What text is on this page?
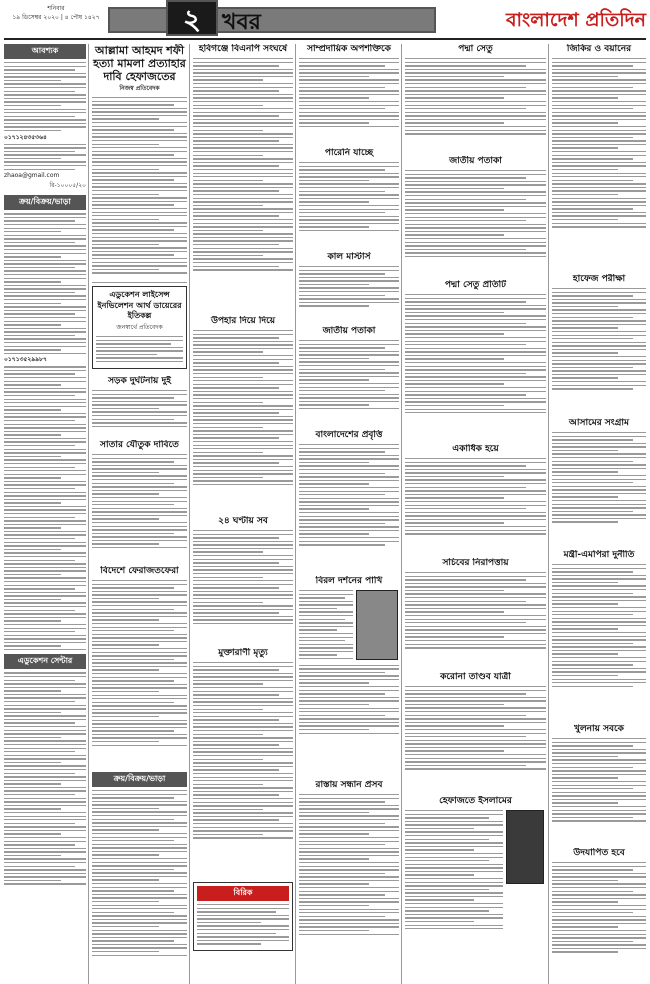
শনিবার
১৯ ডিসেম্বর ২০২০ | ৪ পৌষ ১৪২৭	২ খবর	বাংলাদেশ প্রতিদিন
আবশ্যক
০১৭১২৪৩৫৩৬৪
zhaoa@gmail.com
রি-১০০০৫/২০
ক্রয়/বিক্রয়/ভাড়া
০১৭১৩৫২৯৯৮৭
এডুকেশন সেন্টার
আল্লামা আহমদ শফী হত্যা মামলা প্রত্যাহার দাবি হেফাজতের
নিজস্ব প্রতিবেদক
এডুকেশন লাইসেন্স
ইনভিলেশন আর্থ ডায়েরের ইতিকল্ল
জনস্বার্থে প্রতিবেদক
সড়ক দুর্ঘটনায় দুই
সাতার যৌতুক দাবিতে
বিদেশে ফেরাজতফেরা
ক্রয়/বিক্রয়/ভাড়া
হবিগঞ্জে বিএনপি সংঘর্ষে
উপহার দিয়ে দিয়ে
২৪ ঘণ্টায় সব
মুক্তারাণী মৃত্যু
বিরিক
সাম্প্রদায়িক অপশক্তিকে
পারেনি যাচ্ছে
কাল মাস্টার্স
জাতীয় পতাকা
বাংলাদেশের প্রবৃত্তি
বিরল দর্শনের পাখি
রাস্তায় সন্ধান প্রসব
পদ্মা সেতু
জাতীয় পতাকা
পদ্মা সেতু প্রতিটি
একাধিক হয়ে
সচিবের নিরাপত্তায়
করোনা তাণ্ডব যাত্রী
হেফাজতে ইসলামের
জিকির ও বয়ানের
হাফেজ পরীক্ষা
আসামের সংগ্রাম
মন্ত্রী-এমপিরা দুর্নীতি
খুলনায় সবকে
উদযাপিত হবে
